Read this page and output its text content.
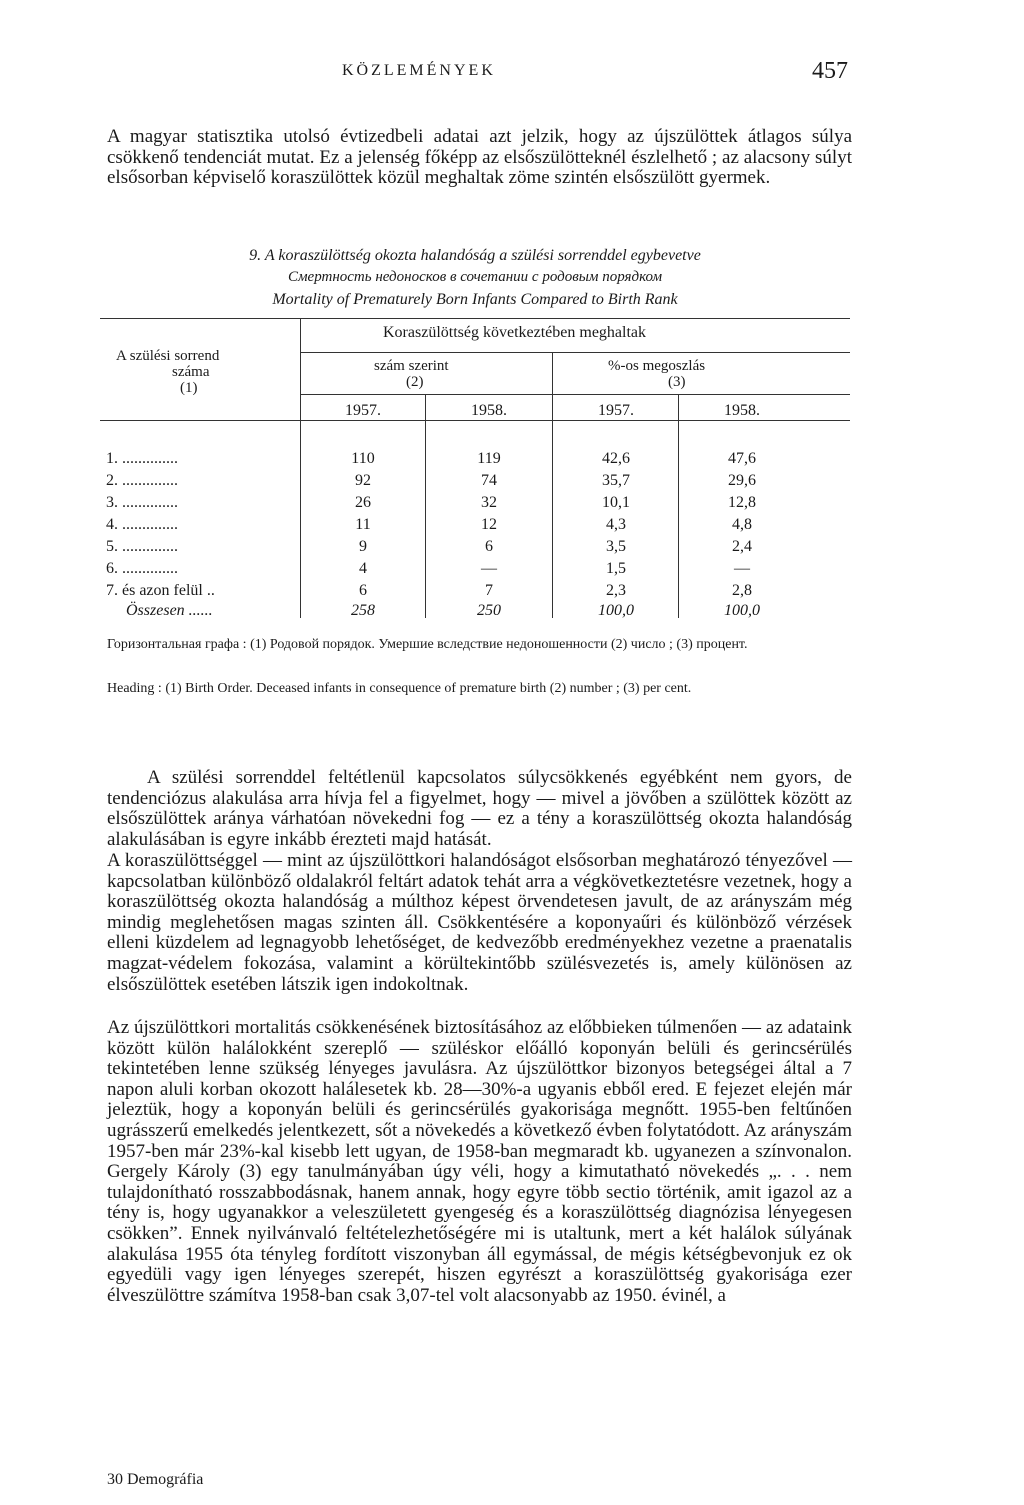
KÖZLEMÉNYEK	457

A magyar statisztika utolsó évtizedbeli adatai azt jelzik, hogy az újszülöttek átlagos súlya csökkenő tendenciát mutat. Ez a jelenség főképp az elsőszülötteknél észlelhető ; az alacsony súlyt elsősorban képviselő koraszülöttek közül meghaltak zöme szintén elsőszülött gyermek.

9. A koraszülöttség okozta halandóság a szülési sorrenddel egybevetve
Смертность недоносков в сочетании с родовым порядком
Mortality of Prematurely Born Infants Compared to Birth Rank
A szülési sorrend
száma
(1)
Koraszülöttség következtében meghaltak
szám szerint
(2)
%-os megoszlás
(3)
1957.	1958.	1957.	1958.
1. ..............	110	119	42,6	47,6
2. ..............	92	74	35,7	29,6
3. ..............	26	32	10,1	12,8
4. ..............	11	12	4,3	4,8
5. ..............	9	6	3,5	2,4
6. ..............	4	—	1,5	—
7. és azon felül ..	6	7	2,3	2,8
Összesen ......	258	250	100,0	100,0

Горизонтальная графа : (1) Родовой порядок. Умершие вследствие недоношенности (2) число ; (3) процент.

Heading : (1) Birth Order. Deceased infants in consequence of premature birth (2) number ; (3) per cent.

A szülési sorrenddel feltétlenül kapcsolatos súlycsökkenés egyébként nem gyors, de tendenciózus alakulása arra hívja fel a figyelmet, hogy — mivel a jövőben a szülöttek között az elsőszülöttek aránya várhatóan növekedni fog — ez a tény a koraszülöttség okozta halandóság alakulásában is egyre inkább érezteti majd hatását.

A koraszülöttséggel — mint az újszülöttkori halandóságot elsősorban meghatározó tényezővel — kapcsolatban különböző oldalakról feltárt adatok tehát arra a végkövetkeztetésre vezetnek, hogy a koraszülöttség okozta halandóság a múlthoz képest örvendetesen javult, de az arányszám még mindig meglehetősen magas szinten áll. Csökkentésére a koponyaűri és különböző vérzések elleni küzdelem ad legnagyobb lehetőséget, de kedvezőbb eredményekhez vezetne a praenatalis magzat-védelem fokozása, valamint a körültekintőbb szülésvezetés is, amely különösen az elsőszülöttek esetében látszik igen indokoltnak.

Az újszülöttkori mortalitás csökkenésének biztosításához az előbbieken túlmenően — az adataink között külön halálokként szereplő — szüléskor előálló koponyán belüli és gerincsérülés tekintetében lenne szükség lényeges javulásra. Az újszülöttkor bizonyos betegségei által a 7 napon aluli korban okozott halálesetek kb. 28—30%-a ugyanis ebből ered. E fejezet elején már jeleztük, hogy a koponyán belüli és gerincsérülés gyakorisága megnőtt. 1955-ben feltűnően ugrásszerű emelkedés jelentkezett, sőt a növekedés a következő évben folytatódott. Az arányszám 1957-ben már 23%-kal kisebb lett ugyan, de 1958-ban megmaradt kb. ugyanezen a színvonalon. Gergely Károly (3) egy tanulmányában úgy véli, hogy a kimutatható növekedés „. . . nem tulajdonítható rosszabbodásnak, hanem annak, hogy egyre több sectio történik, amit igazol az a tény is, hogy ugyanakkor a veleszületett gyengeség és a koraszülöttség diagnózisa lényegesen csökken”. Ennek nyilvánvaló feltételezhetőségére mi is utaltunk, mert a két halálok súlyának alakulása 1955 óta tényleg fordított viszonyban áll egymással, de mégis kétségbevonjuk ez ok egyedüli vagy igen lényeges szerepét, hiszen egyrészt a koraszülöttség gyakorisága ezer élveszülöttre számítva 1958-ban csak 3,07-tel volt alacsonyabb az 1950. évinél, a

30 Demográfia
